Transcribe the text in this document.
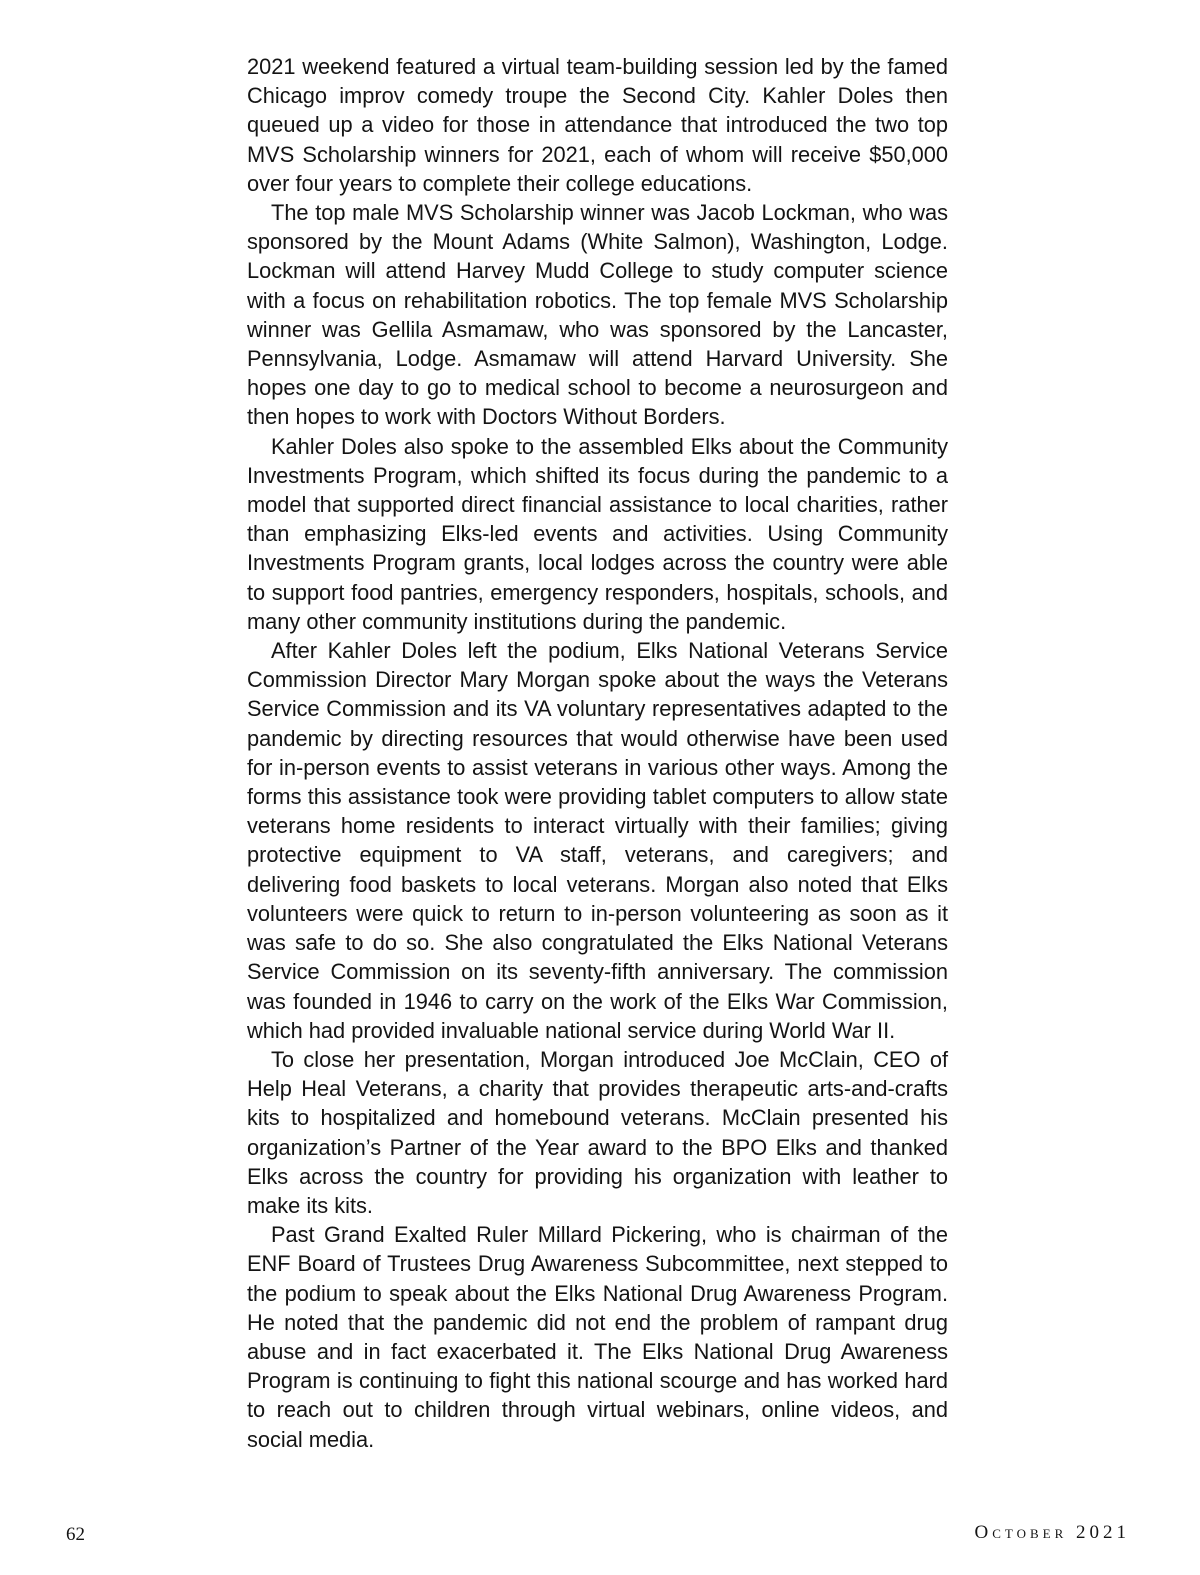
2021 weekend featured a virtual team-building session led by the famed Chicago improv comedy troupe the Second City. Kahler Doles then queued up a video for those in attendance that introduced the two top MVS Scholarship winners for 2021, each of whom will receive $50,000 over four years to complete their college educations.

The top male MVS Scholarship winner was Jacob Lockman, who was sponsored by the Mount Adams (White Salmon), Washington, Lodge. Lockman will attend Harvey Mudd College to study computer science with a focus on rehabilitation robotics. The top female MVS Scholarship winner was Gellila Asmamaw, who was sponsored by the Lancaster, Pennsylvania, Lodge. Asmamaw will attend Harvard University. She hopes one day to go to medical school to become a neurosurgeon and then hopes to work with Doctors Without Borders.

Kahler Doles also spoke to the assembled Elks about the Community Investments Program, which shifted its focus during the pandemic to a model that supported direct financial assistance to local charities, rather than emphasizing Elks-led events and activities. Using Community Investments Program grants, local lodges across the country were able to support food pantries, emergency responders, hospitals, schools, and many other community institutions during the pandemic.

After Kahler Doles left the podium, Elks National Veterans Service Commission Director Mary Morgan spoke about the ways the Veterans Service Commission and its VA voluntary representatives adapted to the pandemic by directing resources that would otherwise have been used for in-person events to assist veterans in various other ways. Among the forms this assistance took were providing tablet computers to allow state veterans home residents to interact virtually with their families; giving protective equipment to VA staff, veterans, and caregivers; and delivering food baskets to local veterans. Morgan also noted that Elks volunteers were quick to return to in-person volunteering as soon as it was safe to do so. She also congratulated the Elks National Veterans Service Commission on its seventy-fifth anniversary. The commission was founded in 1946 to carry on the work of the Elks War Commission, which had provided invaluable national service during World War II.

To close her presentation, Morgan introduced Joe McClain, CEO of Help Heal Veterans, a charity that provides therapeutic arts-and-crafts kits to hospitalized and homebound veterans. McClain presented his organization’s Partner of the Year award to the BPO Elks and thanked Elks across the country for providing his organization with leather to make its kits.

Past Grand Exalted Ruler Millard Pickering, who is chairman of the ENF Board of Trustees Drug Awareness Subcommittee, next stepped to the podium to speak about the Elks National Drug Awareness Program. He noted that the pandemic did not end the problem of rampant drug abuse and in fact exacerbated it. The Elks National Drug Awareness Program is continuing to fight this national scourge and has worked hard to reach out to children through virtual webinars, online videos, and social media.

62	October 2021
